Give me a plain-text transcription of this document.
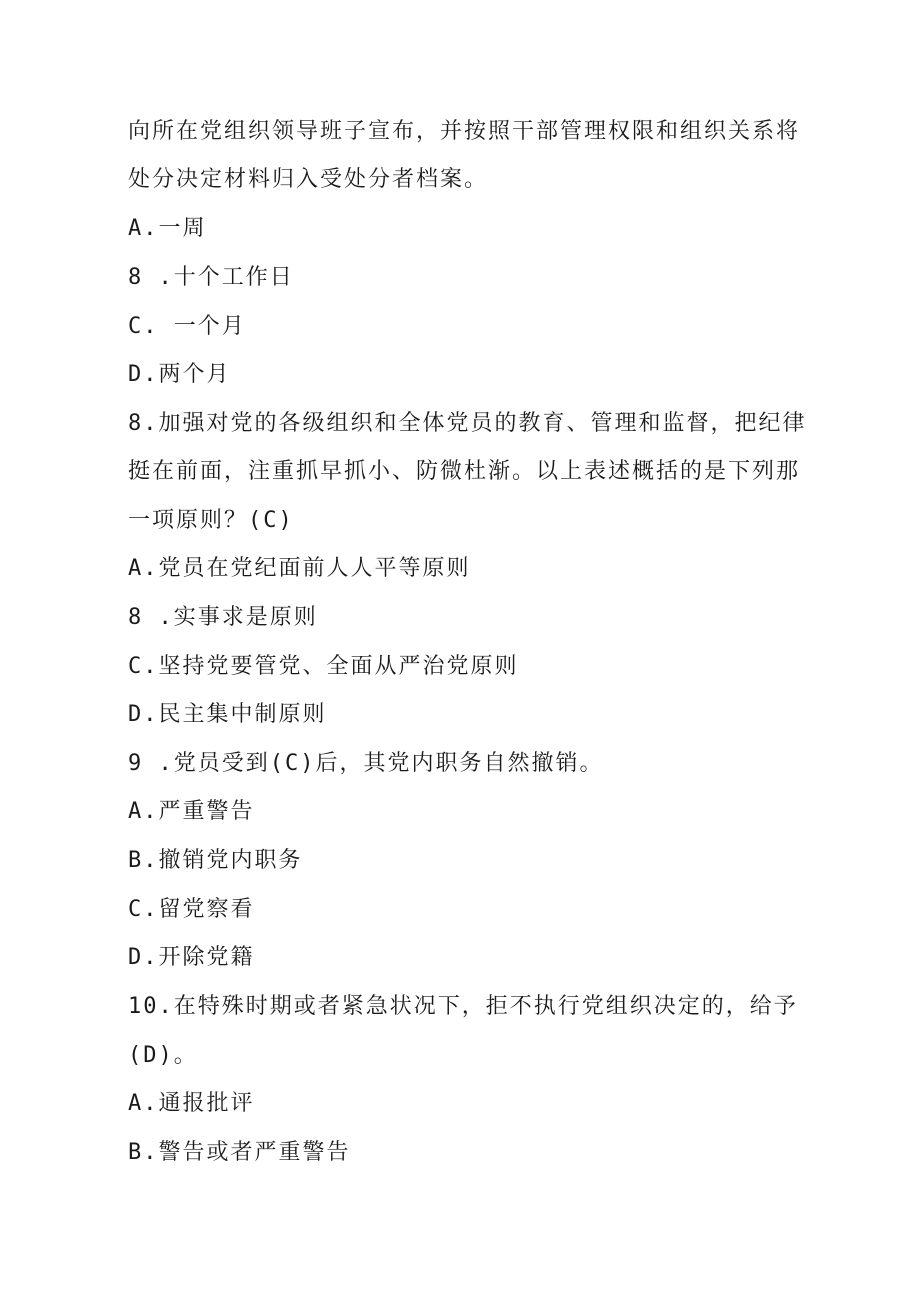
向所在党组织领导班子宣布，并按照干部管理权限和组织关系将
处分决定材料归入受处分者档案。
A.一周
8 .十个工作日
C. 一个月
D.两个月
8.加强对党的各级组织和全体党员的教育、管理和监督，把纪律
挺在前面，注重抓早抓小、防微杜渐。以上表述概括的是下列那
一项原则？(C)
A.党员在党纪面前人人平等原则
8 .实事求是原则
C.坚持党要管党、全面从严治党原则
D.民主集中制原则
9 .党员受到(C)后，其党内职务自然撤销。
A.严重警告
B.撤销党内职务
C.留党察看
D.开除党籍
10.在特殊时期或者紧急状况下，拒不执行党组织决定的，给予
(D)。
A.通报批评
B.警告或者严重警告
